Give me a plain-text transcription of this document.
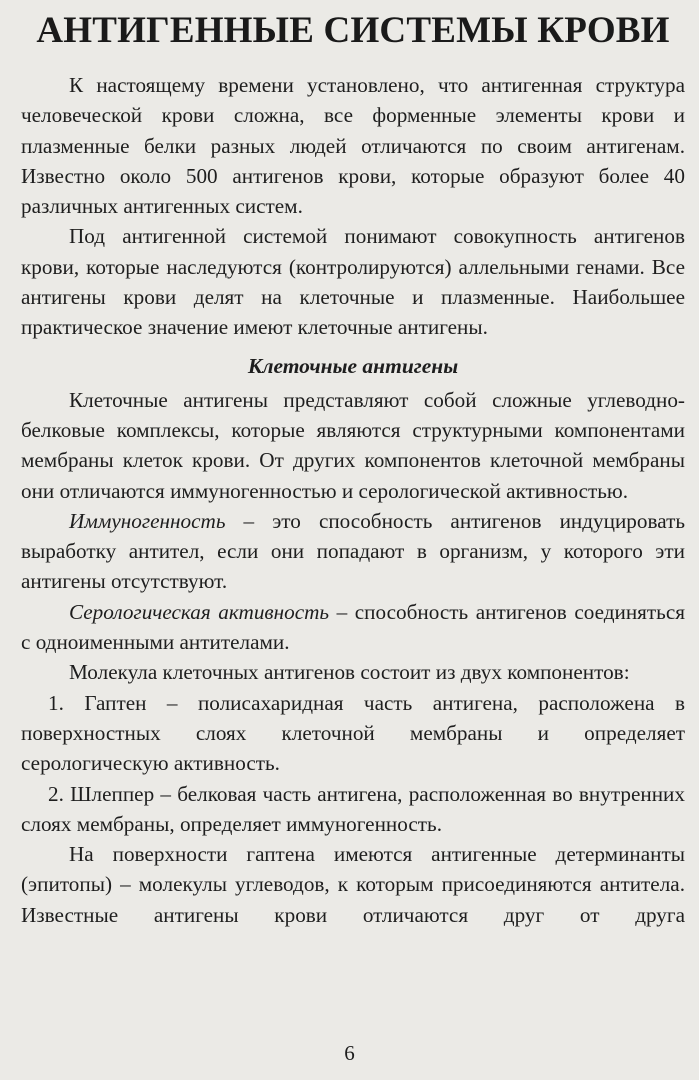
АНТИГЕННЫЕ СИСТЕМЫ КРОВИ

К настоящему времени установлено, что антигенная структура человеческой крови сложна, все форменные элементы крови и плазменные белки разных людей отличаются по своим антигенам. Известно около 500 антигенов крови, которые образуют более 40 различных антигенных систем.

Под антигенной системой понимают совокупность антигенов крови, которые наследуются (контролируются) аллельными генами. Все антигены крови делят на клеточные и плазменные. Наибольшее практическое значение имеют клеточные антигены.

Клеточные антигены

Клеточные антигены представляют собой сложные углеводно-белковые комплексы, которые являются структурными компонентами мембраны клеток крови. От других компонентов клеточной мембраны они отличаются иммуногенностью и серологической активностью.

Иммуногенность – это способность антигенов индуцировать выработку антител, если они попадают в организм, у которого эти антигены отсутствуют.

Серологическая активность – способность антигенов соединяться с одноименными антителами.

Молекула клеточных антигенов состоит из двух компонентов:

1. Гаптен – полисахаридная часть антигена, расположена в поверхностных слоях клеточной мембраны и определяет серологическую активность.

2. Шлеппер – белковая часть антигена, расположенная во внутренних слоях мембраны, определяет иммуногенность.

На поверхности гаптена имеются антигенные детерминанты (эпитопы) – молекулы углеводов, к которым присоединяются антитела. Известные антигены крови отличаются друг от друга

6
